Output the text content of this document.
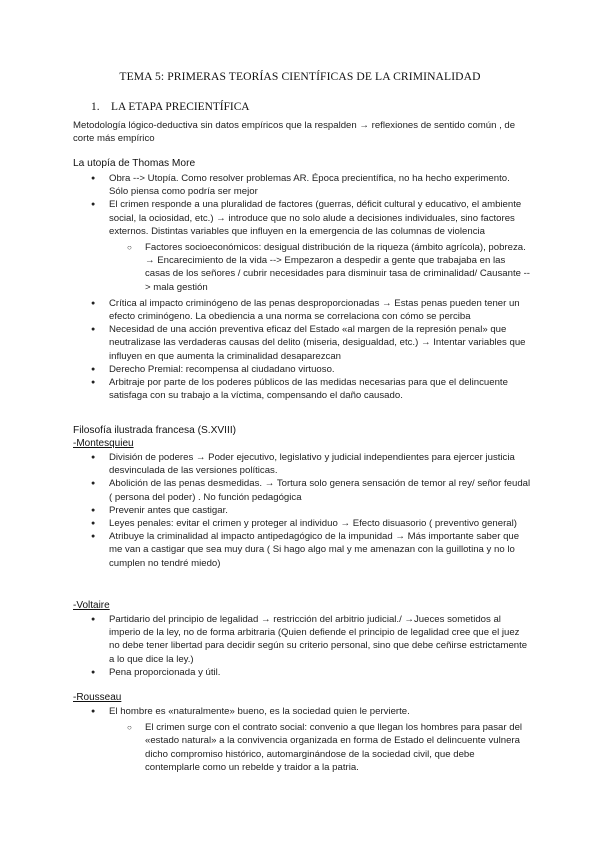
TEMA 5: PRIMERAS TEORÍAS CIENTÍFICAS DE LA CRIMINALIDAD
1. LA ETAPA PRECIENTÍFICA
Metodología lógico-deductiva sin datos empíricos que la respalden → reflexiones de sentido común , de corte más empírico
La utopía de Thomas More
● Obra --> Utopía. Como resolver problemas AR. Época precientífica, no ha hecho experimento. Sólo piensa como podría ser mejor
● El crimen responde a una pluralidad de factores (guerras, déficit cultural y educativo, el ambiente social, la ociosidad, etc.) → introduce que no solo alude a decisiones individuales, sino factores externos. Distintas variables que influyen en la emergencia de las columnas de violencia
○ Factores socioeconómicos: desigual distribución de la riqueza (ámbito agrícola), pobreza. → Encarecimiento de la vida --> Empezaron a despedir a gente que trabajaba en las casas de los señores / cubrir necesidades para disminuir tasa de criminalidad/ Causante --> mala gestión
● Crítica al impacto criminógeno de las penas desproporcionadas → Estas penas pueden tener un efecto criminógeno. La obediencia a una norma se correlaciona con cómo se perciba
● Necesidad de una acción preventiva eficaz del Estado «al margen de la represión penal» que neutralizase las verdaderas causas del delito (miseria, desigualdad, etc.) → Intentar variables que influyen en que aumenta la criminalidad desaparezcan
● Derecho Premial: recompensa al ciudadano virtuoso.
● Arbitraje por parte de los poderes públicos de las medidas necesarias para que el delincuente satisfaga con su trabajo a la víctima, compensando el daño causado.
Filosofía ilustrada francesa (S.XVIII)
-Montesquieu
● División de poderes → Poder ejecutivo, legislativo y judicial independientes para ejercer justicia desvinculada de las versiones políticas.
● Abolición de las penas desmedidas. → Tortura solo genera sensación de temor al rey/ señor feudal ( persona del poder) . No función pedagógica
● Prevenir antes que castigar.
● Leyes penales: evitar el crimen y proteger al individuo → Efecto disuasorio ( preventivo general)
● Atribuye la criminalidad al impacto antipedagógico de la impunidad → Más importante saber que me van a castigar que sea muy dura ( Si hago algo mal y me amenazan con la guillotina y no lo cumplen no tendré miedo)
-Voltaire
● Partidario del principio de legalidad → restricción del arbitrio judicial./ →Jueces sometidos al imperio de la ley, no de forma arbitraria (Quien defiende el principio de legalidad cree que el juez no debe tener libertad para decidir según su criterio personal, sino que debe ceñirse estrictamente a lo que dice la ley.)
● Pena proporcionada y útil.
-Rousseau
● El hombre es «naturalmente» bueno, es la sociedad quien le pervierte.
○ El crimen surge con el contrato social: convenio a que llegan los hombres para pasar del «estado natural» a la convivencia organizada en forma de Estado el delincuente vulnera dicho compromiso histórico, automarginándose de la sociedad civil, que debe contemplarle como un rebelde y traidor a la patria.
